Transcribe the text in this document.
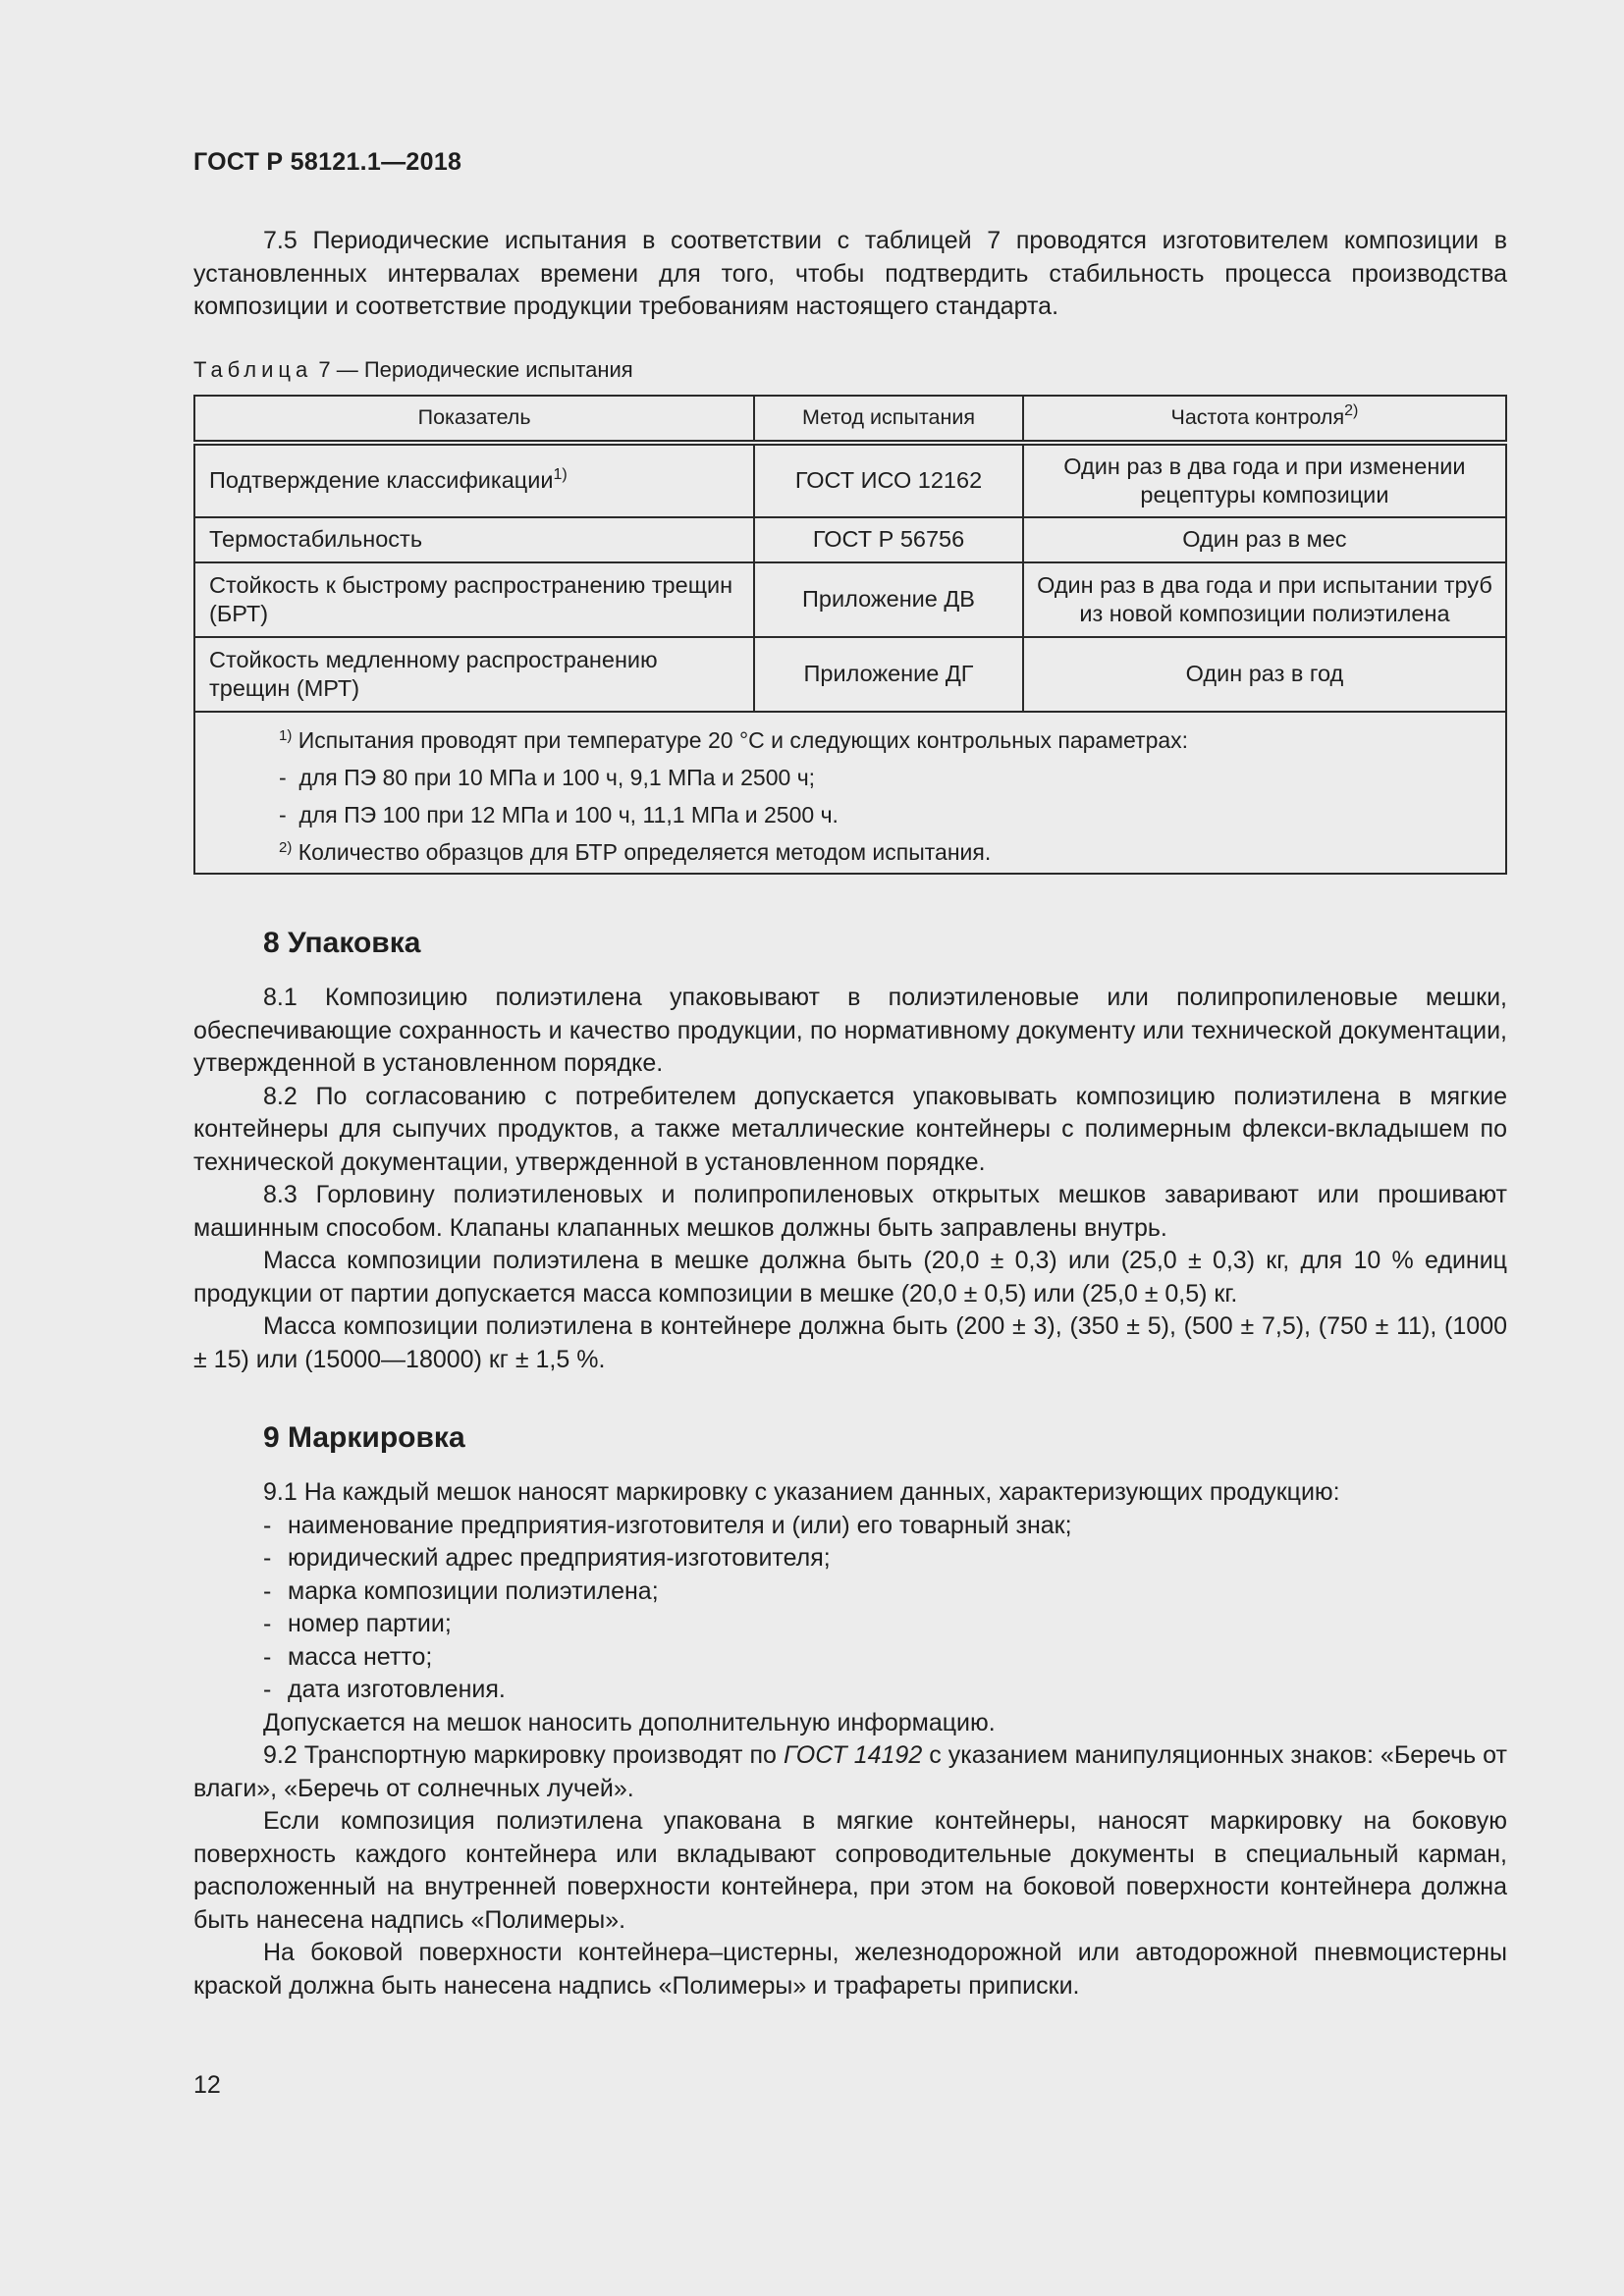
ГОСТ Р 58121.1—2018

7.5 Периодические испытания в соответствии с таблицей 7 проводятся изготовителем композиции в установленных интервалах времени для того, чтобы подтвердить стабильность процесса производства композиции и соответствие продукции требованиям настоящего стандарта.

Таблица 7 — Периодические испытания
Показатель	Метод испытания	Частота контроля$^{2)}$
Подтверждение классификации$^{1)}$	ГОСТ ИСО 12162	Один раз в два года и при изменении рецептуры композиции
Термостабильность	ГОСТ Р 56756	Один раз в мес
Стойкость к быстрому распространению трещин (БРТ)	Приложение ДВ	Один раз в два года и при испытании труб из новой композиции полиэтилена
Стойкость медленному распространению трещин (МРТ)	Приложение ДГ	Один раз в год

$^{1)}$ Испытания проводят при температуре 20 °С и следующих контрольных параметрах:
-  для ПЭ 80 при 10 МПа и 100 ч, 9,1 МПа и 2500 ч;
-  для ПЭ 100 при 12 МПа и 100 ч, 11,1 МПа и 2500 ч.
$^{2)}$ Количество образцов для БТР определяется методом испытания.		
8 Упаковка

8.1 Композицию полиэтилена упаковывают в полиэтиленовые или полипропиленовые мешки, обеспечивающие сохранность и качество продукции, по нормативному документу или технической документации, утвержденной в установленном порядке.

8.2 По согласованию с потребителем допускается упаковывать композицию полиэтилена в мягкие контейнеры для сыпучих продуктов, а также металлические контейнеры с полимерным флекси-вкладышем по технической документации, утвержденной в установленном порядке.

8.3 Горловину полиэтиленовых и полипропиленовых открытых мешков заваривают или прошивают машинным способом. Клапаны клапанных мешков должны быть заправлены внутрь.

Масса композиции полиэтилена в мешке должна быть (20,0 ± 0,3) или (25,0 ± 0,3) кг, для 10 % единиц продукции от партии допускается масса композиции в мешке (20,0 ± 0,5) или (25,0 ± 0,5) кг.

Масса композиции полиэтилена в контейнере должна быть (200 ± 3), (350 ± 5), (500 ± 7,5), (750 ± 11), (1000 ± 15) или (15000—18000) кг ± 1,5 %.

9 Маркировка

9.1 На каждый мешок наносят маркировку с указанием данных, характеризующих продукцию:

- наименование предприятия-изготовителя и (или) его товарный знак;
- юридический адрес предприятия-изготовителя;
- марка композиции полиэтилена;
- номер партии;
- масса нетто;
- дата изготовления.

Допускается на мешок наносить дополнительную информацию.

9.2 Транспортную маркировку производят по ГОСТ 14192 с указанием манипуляционных знаков: «Беречь от влаги», «Беречь от солнечных лучей».

Если композиция полиэтилена упакована в мягкие контейнеры, наносят маркировку на боковую поверхность каждого контейнера или вкладывают сопроводительные документы в специальный карман, расположенный на внутренней поверхности контейнера, при этом на боковой поверхности контейнера должна быть нанесена надпись «Полимеры».

На боковой поверхности контейнера–цистерны, железнодорожной или автодорожной пневмоцистерны краской должна быть нанесена надпись «Полимеры» и трафареты приписки.

12
